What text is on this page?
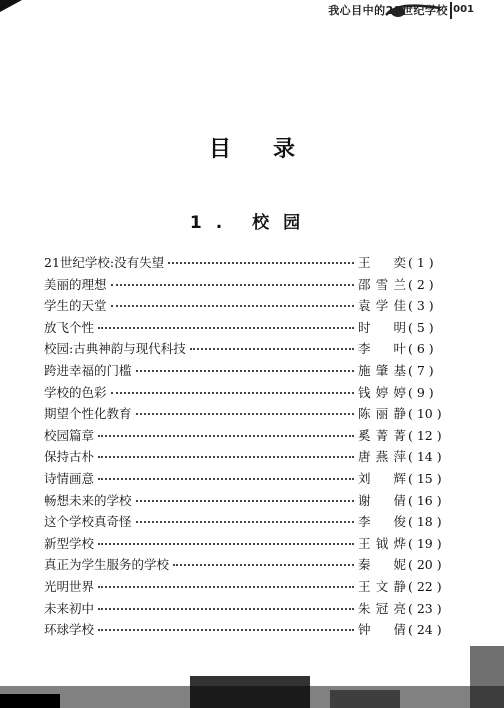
我心目中的21世纪学校 001
目录
1. 校园
21世纪学校:没有失望	王奕 ( 1 )
美丽的理想	邵雪兰 ( 2 )
学生的天堂	袁学佳 ( 3 )
放飞个性	时明 ( 5 )
校园:古典神韵与现代科技	李叶 ( 6 )
跨进幸福的门槛	施肇基 ( 7 )
学校的色彩	钱婷婷 ( 9 )
期望个性化教育	陈丽静 ( 10 )
校园篇章	奚菁菁 ( 12 )
保持古朴	唐燕萍 ( 14 )
诗情画意	刘辉 ( 15 )
畅想未来的学校	谢倩 ( 16 )
这个学校真奇怪	李俊 ( 18 )
新型学校	王钺烨 ( 19 )
真正为学生服务的学校	秦妮 ( 20 )
光明世界	王文静 ( 22 )
未来初中	朱冠亮 ( 23 )
环球学校	钟倩 ( 24 )
